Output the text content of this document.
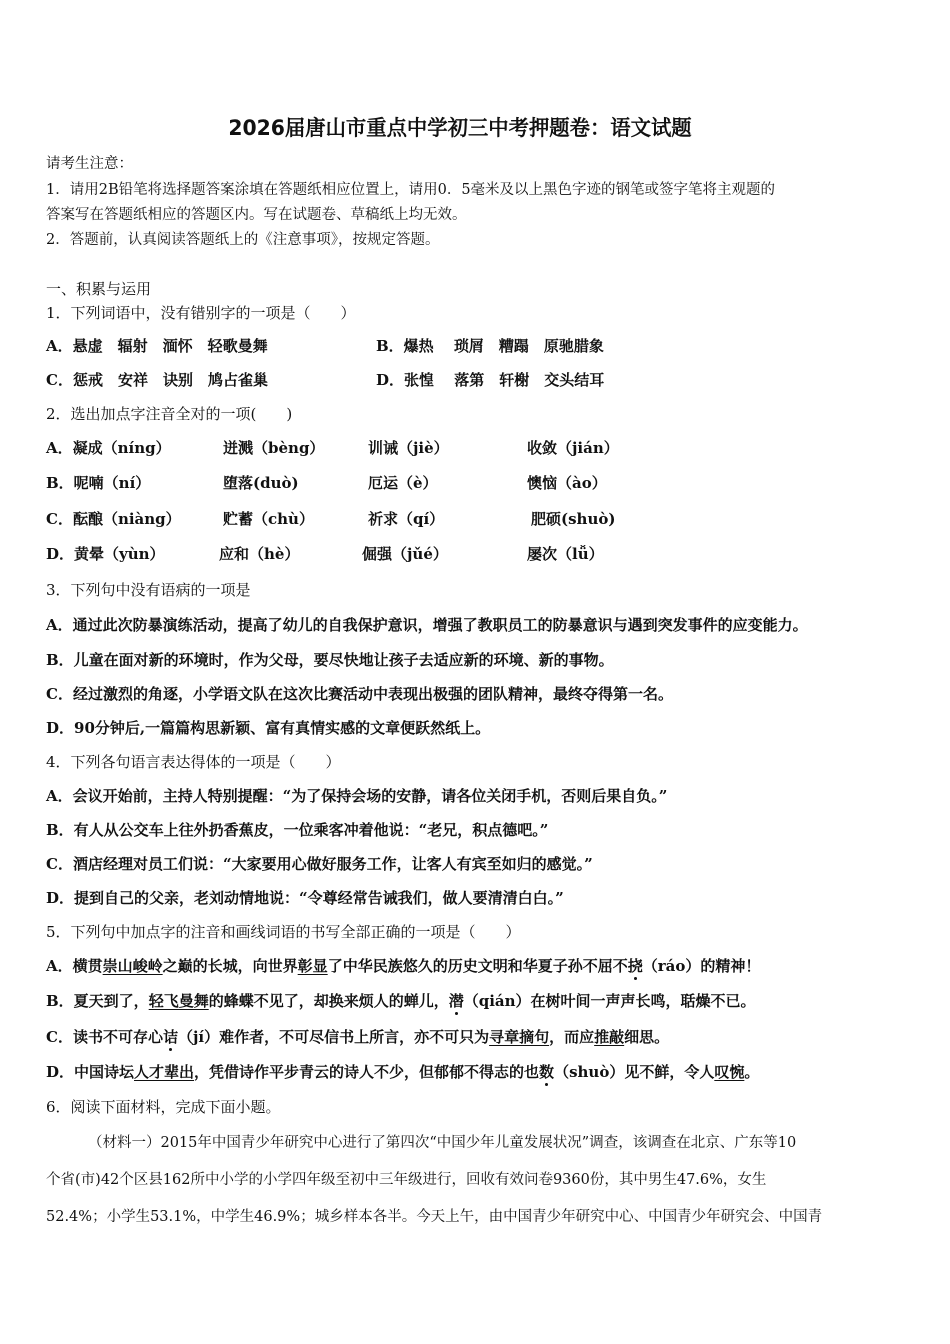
2026届唐山市重点中学初三中考押题卷：语文试题
请考生注意：
1．请用2B铅笔将选择题答案涂填在答题纸相应位置上，请用0．5毫米及以上黑色字迹的钢笔或签字笔将主观题的
答案写在答题纸相应的答题区内。写在试题卷、草稿纸上均无效。
2．答题前，认真阅读答题纸上的《注意事项》，按规定答题。
一、积累与运用
1．下列词语中，没有错别字的一项是（　　）
A．悬虚　辐射　湎怀　轻歌曼舞	B．爆热　 琐屑　糟蹋　原驰腊象
C．惩戒　安祥　诀别　鸠占雀巢	D．张惶　 落第　轩榭　交头结耳
2．选出加点字注音全对的一项(　　)
A．凝成（níng）	迸溅（bèng）	训诫（jiè）	收敛（jián）
B．呢喃（ní）	堕落(duò)	厄运（è）	懊恼（ào）
C．酝酿（niàng）	贮蓄（chù）	祈求（qí）	肥硕(shuò)
D．黄晕（yùn）	应和（hè）	倔强（jǔé）	屡次（lǚ）
3．下列句中没有语病的一项是
A．通过此次防暴演练活动，提高了幼儿的自我保护意识，增强了教职员工的防暴意识与遇到突发事件的应变能力。
B．儿童在面对新的环境时，作为父母，要尽快地让孩子去适应新的环境、新的事物。
C．经过激烈的角逐，小学语文队在这次比赛活动中表现出极强的团队精神，最终夺得第一名。
D．90分钟后,一篇篇构思新颖、富有真情实感的文章便跃然纸上。
4．下列各句语言表达得体的一项是（　　）
A．会议开始前，主持人特别提醒：“为了保持会场的安静，请各位关闭手机，否则后果自负。”
B．有人从公交车上往外扔香蕉皮，一位乘客冲着他说：“老兄，积点德吧。”
C．酒店经理对员工们说：“大家要用心做好服务工作，让客人有宾至如归的感觉。”
D．提到自己的父亲，老刘动情地说：“令尊经常告诫我们，做人要清清白白。”
5．下列句中加点字的注音和画线词语的书写全部正确的一项是（　　）
A．横贯崇山峻岭之巅的长城，向世界彰显了中华民族悠久的历史文明和华夏子孙不屈不挠（ráo）的精神！
B．夏天到了，轻飞曼舞的蜂蝶不见了，却换来烦人的蝉儿，潜（qián）在树叶间一声声长鸣，聒燥不已。
C．读书不可存心诘（jí）难作者，不可尽信书上所言，亦不可只为寻章摘句，而应推敲细思。
D．中国诗坛人才辈出，凭借诗作平步青云的诗人不少，但郁郁不得志的也数（shuò）见不鲜，令人叹惋。
6．阅读下面材料，完成下面小题。
（材料一）2015年中国青少年研究中心进行了第四次“中国少年儿童发展状况”调查，该调查在北京、广东等10
个省(市)42个区县162所中小学的小学四年级至初中三年级进行，回收有效问卷9360份，其中男生47.6%，女生
52.4%；小学生53.1%，中学生46.9%；城乡样本各半。今天上午，由中国青少年研究中心、中国青少年研究会、中国青
